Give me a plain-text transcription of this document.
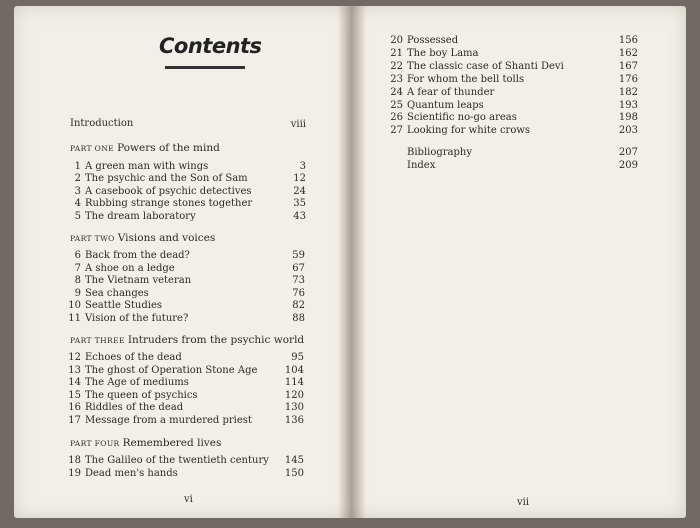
Contents
Introduction	viii
PART ONE Powers of the mind
1 A green man with wings	3
2 The psychic and the Son of Sam	12
3 A casebook of psychic detectives	24
4 Rubbing strange stones together	35
5 The dream laboratory	43
PART TWO Visions and voices
6 Back from the dead?	59
7 A shoe on a ledge	67
8 The Vietnam veteran	73
9 Sea changes	76
10 Seattle Studies	82
11 Vision of the future?	88
PART THREE Intruders from the psychic world
12 Echoes of the dead	95
13 The ghost of Operation Stone Age	104
14 The Age of mediums	114
15 The queen of psychics	120
16 Riddles of the dead	130
17 Message from a murdered priest	136
PART FOUR Remembered lives
18 The Galileo of the twentieth century	145
19 Dead men's hands	150
vi
20 Possessed	156
21 The boy Lama	162
22 The classic case of Shanti Devi	167
23 For whom the bell tolls	176
24 A fear of thunder	182
25 Quantum leaps	193
26 Scientific no-go areas	198
27 Looking for white crows	203
Bibliography	207
Index	209
vii
